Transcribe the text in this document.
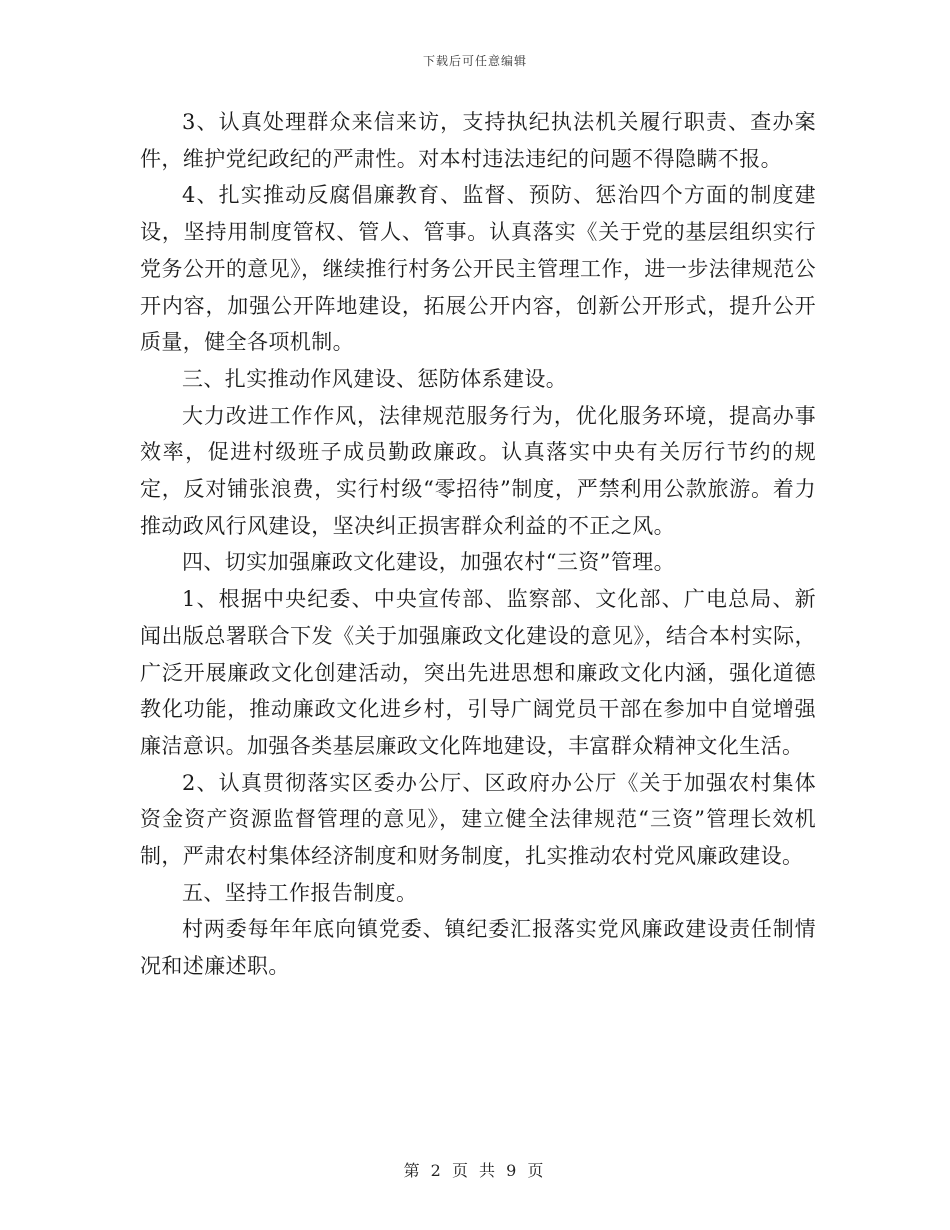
下载后可任意编辑

3、认真处理群众来信来访，支持执纪执法机关履行职责、查办案件，维护党纪政纪的严肃性。对本村违法违纪的问题不得隐瞒不报。

4、扎实推动反腐倡廉教育、监督、预防、惩治四个方面的制度建设，坚持用制度管权、管人、管事。认真落实《关于党的基层组织实行党务公开的意见》，继续推行村务公开民主管理工作，进一步法律规范公开内容，加强公开阵地建设，拓展公开内容，创新公开形式，提升公开质量，健全各项机制。

三、扎实推动作风建设、惩防体系建设。

大力改进工作作风，法律规范服务行为，优化服务环境，提高办事效率，促进村级班子成员勤政廉政。认真落实中央有关厉行节约的规定，反对铺张浪费，实行村级“零招待”制度，严禁利用公款旅游。着力推动政风行风建设，坚决纠正损害群众利益的不正之风。

四、切实加强廉政文化建设，加强农村“三资”管理。

1、根据中央纪委、中央宣传部、监察部、文化部、广电总局、新闻出版总署联合下发《关于加强廉政文化建设的意见》，结合本村实际，广泛开展廉政文化创建活动，突出先进思想和廉政文化内涵，强化道德教化功能，推动廉政文化进乡村，引导广阔党员干部在参加中自觉增强廉洁意识。加强各类基层廉政文化阵地建设，丰富群众精神文化生活。

2、认真贯彻落实区委办公厅、区政府办公厅《关于加强农村集体资金资产资源监督管理的意见》，建立健全法律规范“三资”管理长效机制，严肃农村集体经济制度和财务制度，扎实推动农村党风廉政建设。

五、坚持工作报告制度。

村两委每年年底向镇党委、镇纪委汇报落实党风廉政建设责任制情况和述廉述职。

第 2 页 共 9 页
